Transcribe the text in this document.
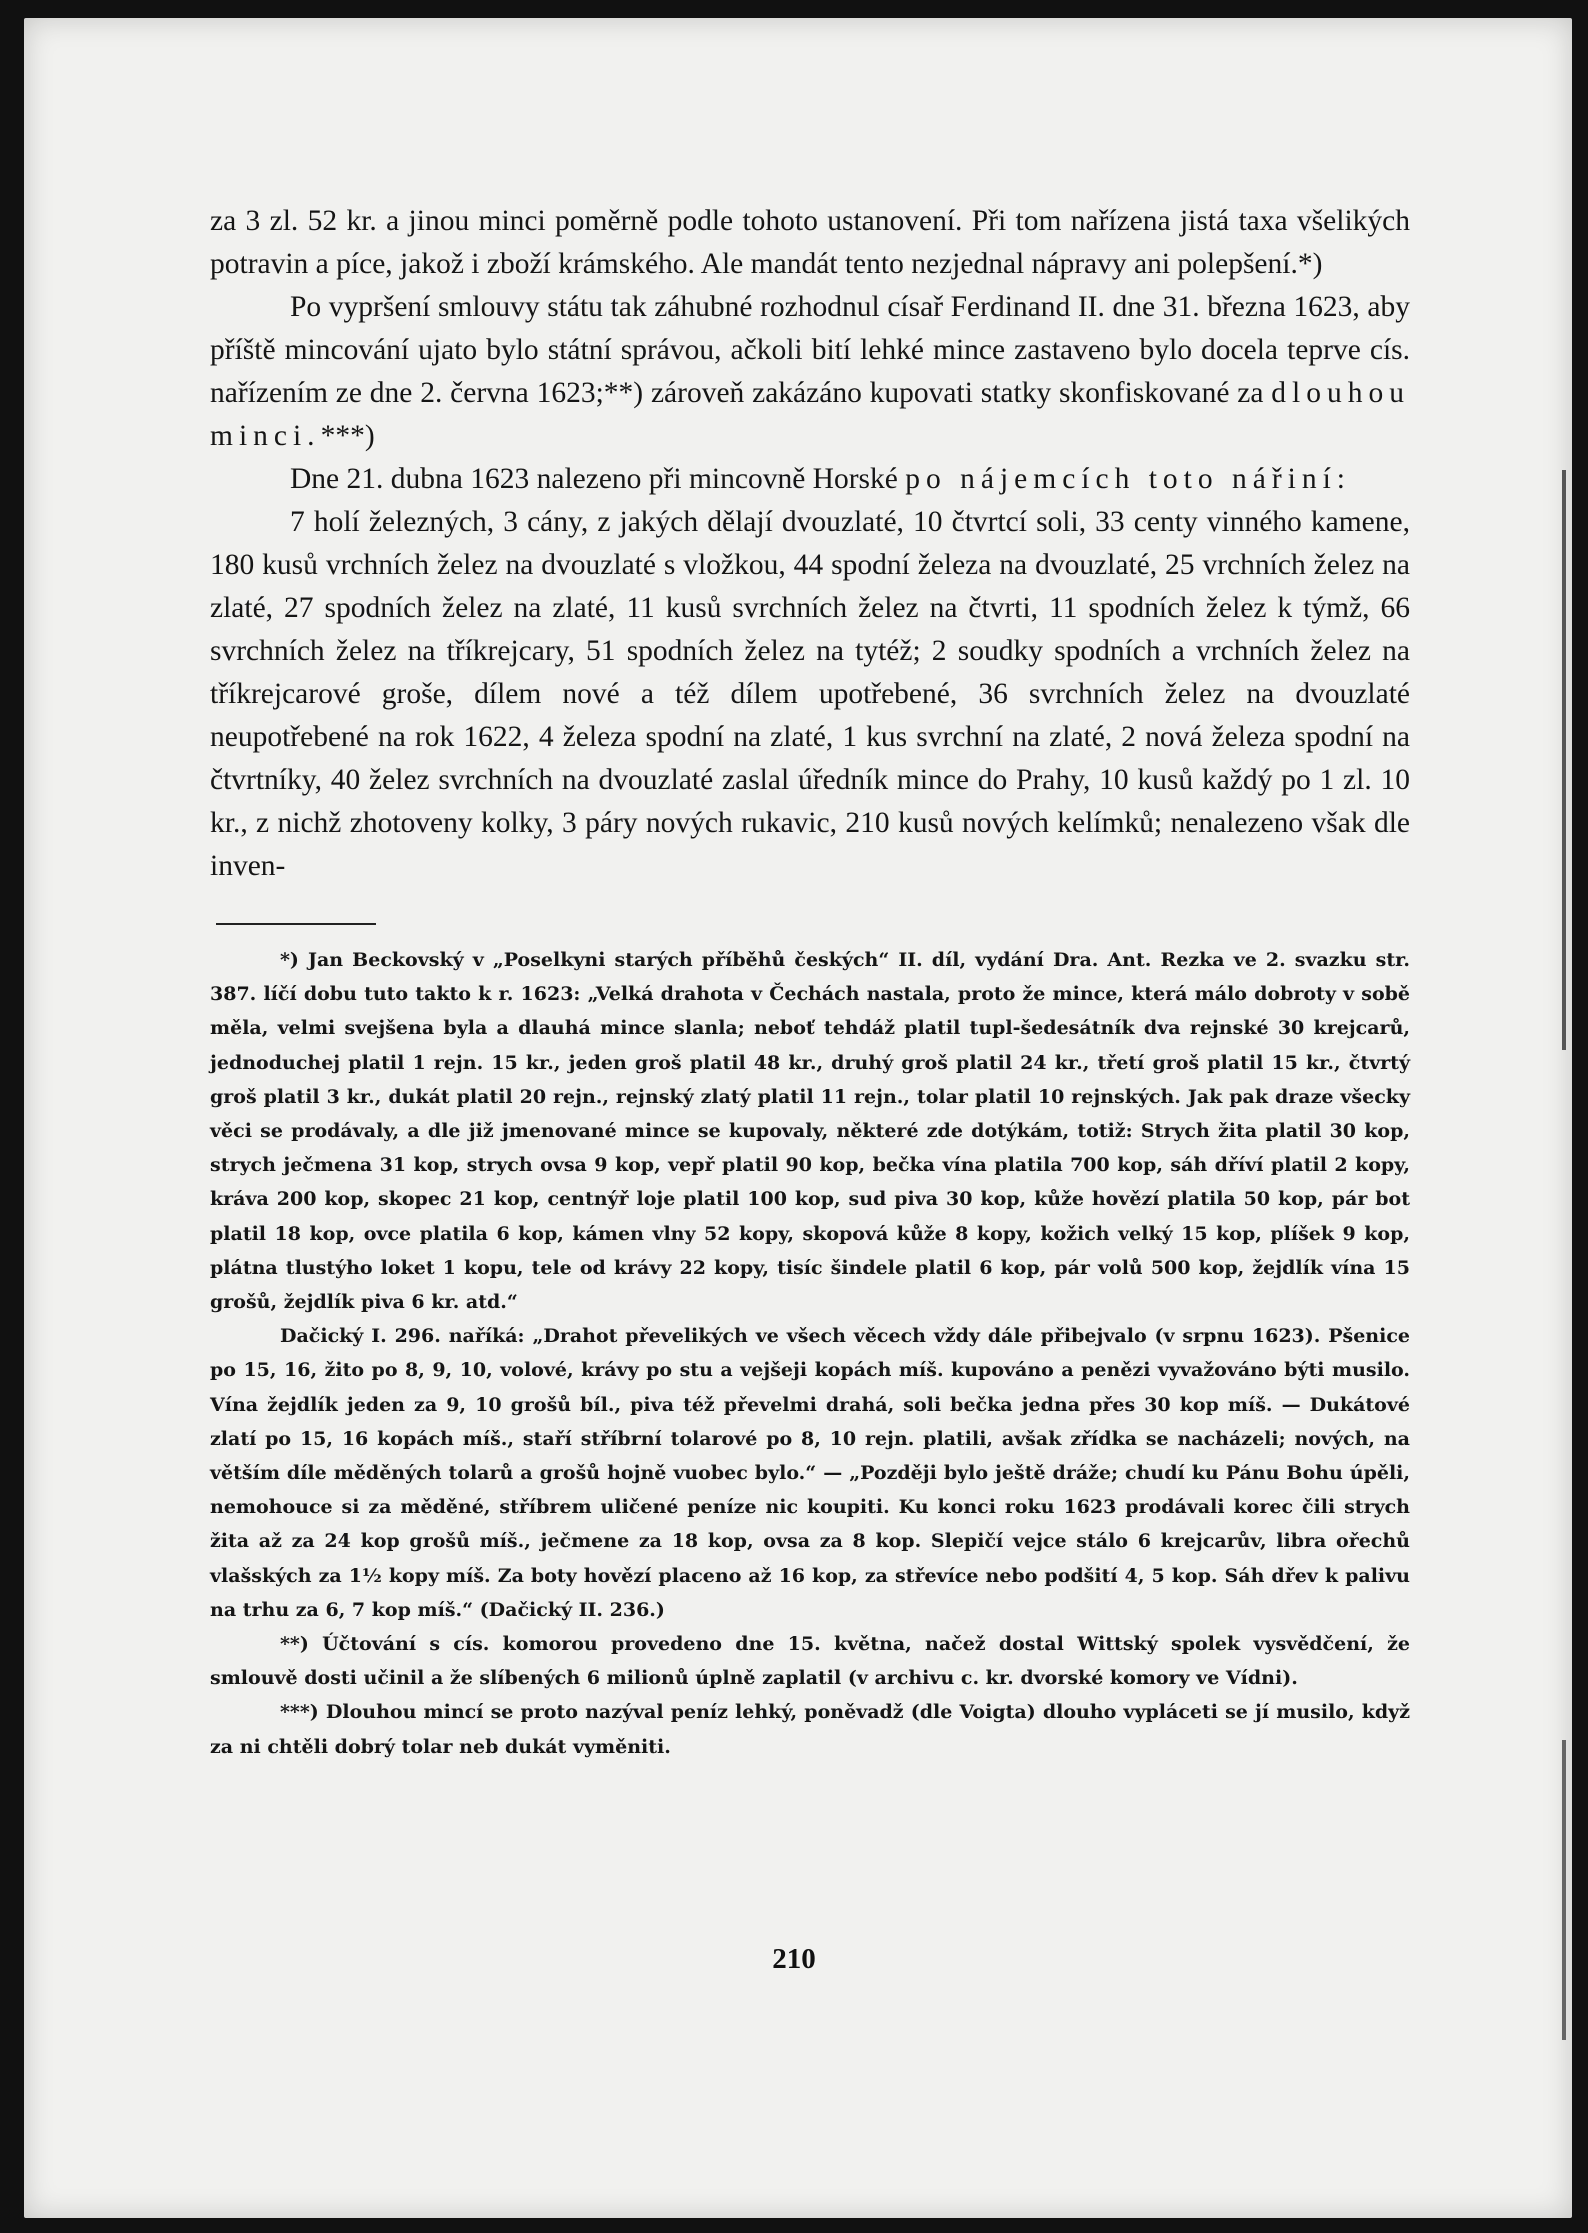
za 3 zl. 52 kr. a jinou minci poměrně podle tohoto ustanovení. Při tom nařízena jistá taxa všelikých potravin a píce, jakož i zboží krámského. Ale mandát tento nezjednal nápravy ani polepšení.*)

Po vypršení smlouvy státu tak záhubné rozhodnul císař Ferdinand II. dne 31. března 1623, aby příště mincování ujato bylo státní správou, ačkoli bití lehké mince zastaveno bylo docela teprve cís. nařízením ze dne 2. června 1623;**) zároveň zakázáno kupovati statky skonfiskované za dlouhou minci.***)

Dne 21. dubna 1623 nalezeno při mincovně Horské po nájemcích toto nářiní:

7 holí železných, 3 cány, z jakých dělají dvouzlaté, 10 čtvrtcí soli, 33 centy vinného kamene, 180 kusů vrchních želez na dvouzlaté s vložkou, 44 spodní železa na dvouzlaté, 25 vrchních želez na zlaté, 27 spodních želez na zlaté, 11 kusů svrchních želez na čtvrti, 11 spodních želez k týmž, 66 svrchních želez na tříkrejcary, 51 spodních želez na tytéž; 2 soudky spodních a vrchních želez na tříkrejcarové groše, dílem nové a též dílem upotřebené, 36 svrchních želez na dvouzlaté neupotřebené na rok 1622, 4 železa spodní na zlaté, 1 kus svrchní na zlaté, 2 nová železa spodní na čtvrtníky, 40 želez svrchních na dvouzlaté zaslal úředník mince do Prahy, 10 kusů každý po 1 zl. 10 kr., z nichž zhotoveny kolky, 3 páry nových rukavic, 210 kusů nových kelímků; nenalezeno však dle inven-

*) Jan Beckovský v „Poselkyni starých příběhů českých“ II. díl, vydání Dra. Ant. Rezka ve 2. svazku str. 387. líčí dobu tuto takto k r. 1623: „Velká drahota v Čechách nastala, proto že mince, která málo dobroty v sobě měla, velmi svejšena byla a dlauhá mince slanla; neboť tehdáž platil tupl-šedesátník dva rejnské 30 krejcarů, jednoduchej platil 1 rejn. 15 kr., jeden groš platil 48 kr., druhý groš platil 24 kr., třetí groš platil 15 kr., čtvrtý groš platil 3 kr., dukát platil 20 rejn., rejnský zlatý platil 11 rejn., tolar platil 10 rejnských. Jak pak draze všecky věci se prodávaly, a dle již jmenované mince se kupovaly, některé zde dotýkám, totiž: Strych žita platil 30 kop, strych ječmena 31 kop, strych ovsa 9 kop, vepř platil 90 kop, bečka vína platila 700 kop, sáh dříví platil 2 kopy, kráva 200 kop, skopec 21 kop, centnýř loje platil 100 kop, sud piva 30 kop, kůže hovězí platila 50 kop, pár bot platil 18 kop, ovce platila 6 kop, kámen vlny 52 kopy, skopová kůže 8 kopy, kožich velký 15 kop, plíšek 9 kop, plátna tlustýho loket 1 kopu, tele od krávy 22 kopy, tisíc šindele platil 6 kop, pár volů 500 kop, žejdlík vína 15 grošů, žejdlík piva 6 kr. atd.“

Dačický I. 296. naříká: „Drahot převelikých ve všech věcech vždy dále přibejvalo (v srpnu 1623). Pšenice po 15, 16, žito po 8, 9, 10, volové, krávy po stu a vejšeji kopách míš. kupováno a penězi vyvažováno býti musilo. Vína žejdlík jeden za 9, 10 grošů bíl., piva též převelmi drahá, soli bečka jedna přes 30 kop míš. — Dukátové zlatí po 15, 16 kopách míš., staří stříbrní tolarové po 8, 10 rejn. platili, avšak zřídka se nacházeli; nových, na větším díle měděných tolarů a grošů hojně vuobec bylo.“ — „Později bylo ještě dráže; chudí ku Pánu Bohu úpěli, nemohouce si za měděné, stříbrem uličené peníze nic koupiti. Ku konci roku 1623 prodávali korec čili strych žita až za 24 kop grošů míš., ječmene za 18 kop, ovsa za 8 kop. Slepičí vejce stálo 6 krejcarův, libra ořechů vlašských za 1½ kopy míš. Za boty hovězí placeno až 16 kop, za střevíce nebo podšití 4, 5 kop. Sáh dřev k palivu na trhu za 6, 7 kop míš.“ (Dačický II. 236.)

**) Účtování s cís. komorou provedeno dne 15. května, načež dostal Wittský spolek vysvědčení, že smlouvě dosti učinil a že slíbených 6 milionů úplně zaplatil (v archivu c. kr. dvorské komory ve Vídni).

***) Dlouhou mincí se proto nazýval peníz lehký, poněvadž (dle Voigta) dlouho vypláceti se jí musilo, když za ni chtěli dobrý tolar neb dukát vyměniti.

210
